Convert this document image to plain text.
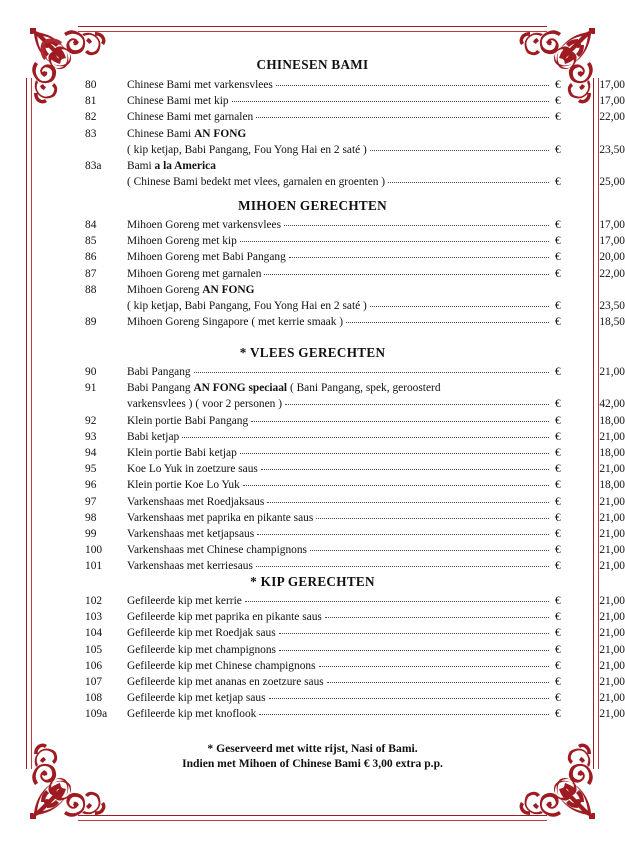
CHINESEN BAMI
80	Chinese Bami met varkensvlees	€	17,00
81	Chinese Bami met kip	€	17,00
82	Chinese Bami met garnalen	€	22,00
83	Chinese Bami AN FONG
( kip ketjap, Babi Pangang, Fou Yong Hai en 2 saté )	€	23,50
83a	Bami a la America
( Chinese Bami bedekt met vlees, garnalen en groenten )	€	25,00
MIHOEN GERECHTEN
84	Mihoen Goreng met varkensvlees	€	17,00
85	Mihoen Goreng met kip	€	17,00
86	Mihoen Goreng met Babi Pangang	€	20,00
87	Mihoen Goreng met garnalen	€	22,00
88	Mihoen Goreng AN FONG
( kip ketjap, Babi Pangang, Fou Yong Hai en 2 saté )	€	23,50
89	Mihoen Goreng Singapore ( met kerrie smaak )	€	18,50
* VLEES GERECHTEN
90	Babi Pangang	€	21,00
91	Babi Pangang AN FONG speciaal ( Bani Pangang, spek, geroosterd
varkensvlees ) ( voor 2 personen )	€	42,00
92	Klein portie Babi Pangang	€	18,00
93	Babi ketjap	€	21,00
94	Klein portie Babi ketjap	€	18,00
95	Koe Lo Yuk in zoetzure saus	€	21,00
96	Klein portie Koe Lo Yuk	€	18,00
97	Varkenshaas met Roedjaksaus	€	21,00
98	Varkenshaas met paprika en pikante saus	€	21,00
99	Varkenshaas met ketjapsaus	€	21,00
100	Varkenshaas met Chinese champignons	€	21,00
101	Varkenshaas met kerriesaus	€	21,00
* KIP GERECHTEN
102	Gefileerde kip met kerrie	€	21,00
103	Gefileerde kip met paprika en pikante saus	€	21,00
104	Gefileerde kip met Roedjak saus	€	21,00
105	Gefileerde kip met champignons	€	21,00
106	Gefileerde kip met Chinese champignons	€	21,00
107	Gefileerde kip met ananas en zoetzure saus	€	21,00
108	Gefileerde kip met ketjap saus	€	21,00
109a	Gefileerde kip met knoflook	€	21,00
* Geserveerd met witte rijst, Nasi of Bami.
Indien met Mihoen of Chinese Bami € 3,00 extra p.p.
